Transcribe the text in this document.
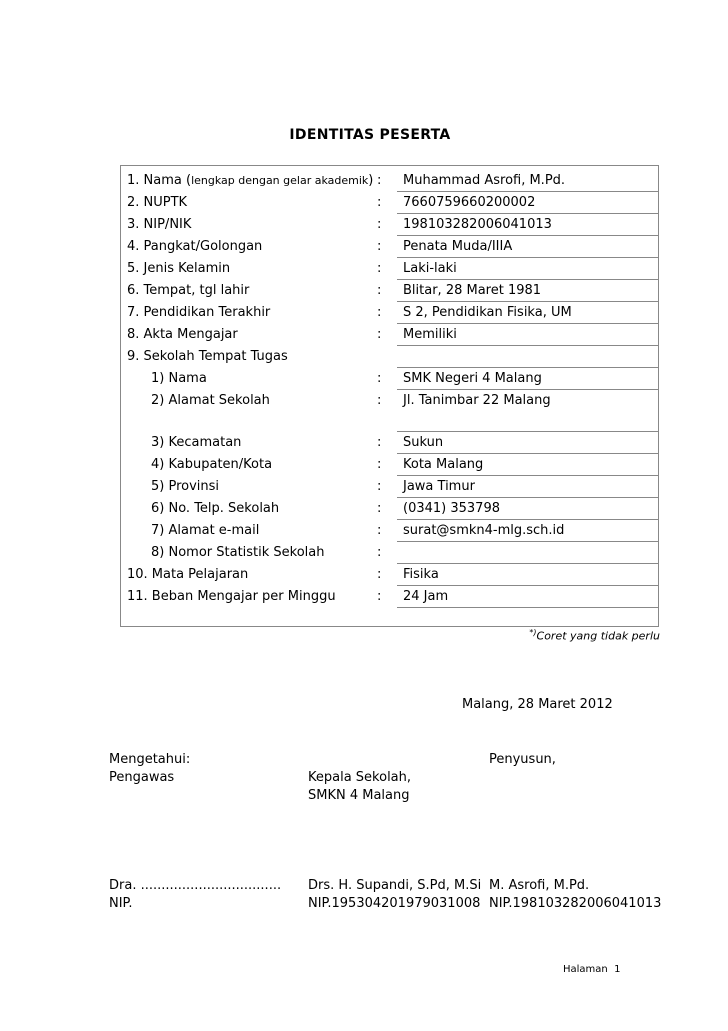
IDENTITAS PESERTA
1. Nama (lengkap dengan gelar akademik) : Muhammad Asrofi, M.Pd.
2. NUPTK	: 7660759660200002
3. NIP/NIK	: 198103282006041013
4. Pangkat/Golongan	: Penata Muda/IIIA
5. Jenis Kelamin	: Laki-laki
6. Tempat, tgl lahir	: Blitar, 28 Maret 1981
7. Pendidikan Terakhir	: S 2, Pendidikan Fisika, UM
8. Akta Mengajar	: Memiliki
9. Sekolah Tempat Tugas
1) Nama	: SMK Negeri 4 Malang
2) Alamat Sekolah	: Jl. Tanimbar 22 Malang
3) Kecamatan	: Sukun
4) Kabupaten/Kota	: Kota Malang
5) Provinsi	: Jawa Timur
6) No. Telp. Sekolah	: (0341) 353798
7) Alamat e-mail	: surat@smkn4-mlg.sch.id
8) Nomor Statistik Sekolah	:
10. Mata Pelajaran	: Fisika
11. Beban Mengajar per Minggu	: 24 Jam
*)Coret yang tidak perlu
Malang, 28 Maret 2012
Mengetahui:
Pengawas
Penyusun,
Kepala Sekolah,
SMKN 4 Malang
Dra. ..................................
NIP.
Drs. H. Supandi, S.Pd, M.Si
NIP.195304201979031008
M. Asrofi, M.Pd.
NIP.198103282006041013
Halaman 1
